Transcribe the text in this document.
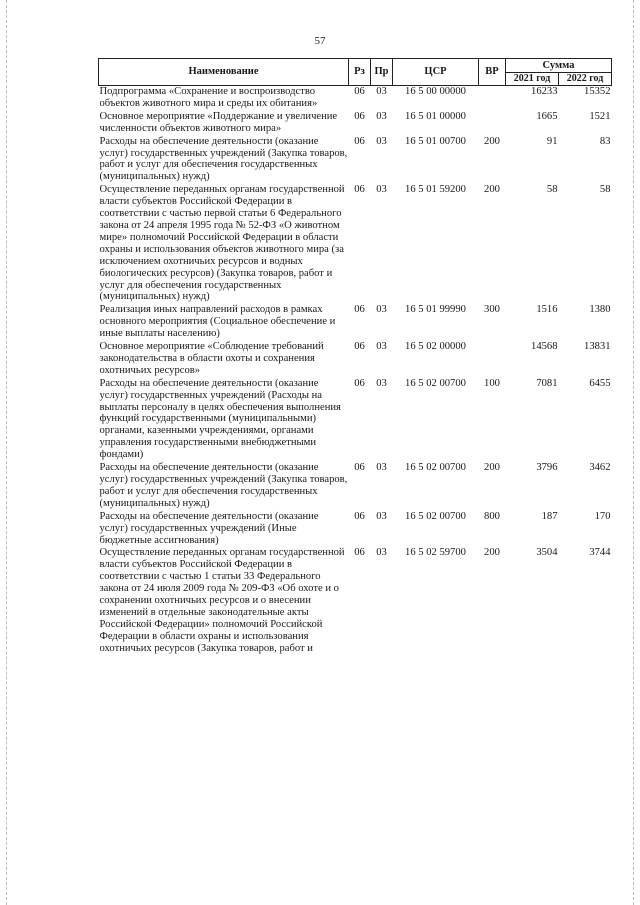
57
Наименование	Рз	Пр	ЦСР	ВР	Сумма	
					2021 год	2022 год
Подпрограмма «Сохранение и воспроизводство объектов животного мира и среды их обитания»	06	03	16 5 00 00000		16233	15352
Основное мероприятие «Поддержание и увеличение численности объектов животного мира»	06	03	16 5 01 00000		1665	1521
Расходы на обеспечение деятельности (оказание услуг) государственных учреждений (Закупка товаров, работ и услуг для обеспечения государственных (муниципальных) нужд)	06	03	16 5 01 00700	200	91	83
Осуществление переданных органам государственной власти субъектов Российской Федерации в соответствии с частью первой статьи 6 Федерального закона от 24 апреля 1995 года № 52-ФЗ «О животном мире» полномочий Российской Федерации в области охраны и использования объектов животного мира (за исключением охотничьих ресурсов и водных биологических ресурсов) (Закупка товаров, работ и услуг для обеспечения государственных (муниципальных) нужд)	06	03	16 5 01 59200	200	58	58
Реализация иных направлений расходов в рамках основного мероприятия (Социальное обеспечение и иные выплаты населению)	06	03	16 5 01 99990	300	1516	1380
Основное мероприятие «Соблюдение требований законодательства в области охоты и сохранения охотничьих ресурсов»	06	03	16 5 02 00000		14568	13831
Расходы на обеспечение деятельности (оказание услуг) государственных учреждений (Расходы на выплаты персоналу в целях обеспечения выполнения функций государственными (муниципальными) органами, казенными учреждениями, органами управления государственными внебюджетными фондами)	06	03	16 5 02 00700	100	7081	6455
Расходы на обеспечение деятельности (оказание услуг) государственных учреждений (Закупка товаров, работ и услуг для обеспечения государственных (муниципальных) нужд)	06	03	16 5 02 00700	200	3796	3462
Расходы на обеспечение деятельности (оказание услуг) государственных учреждений (Иные бюджетные ассигнования)	06	03	16 5 02 00700	800	187	170
Осуществление переданных органам государственной власти субъектов Российской Федерации в соответствии с частью 1 статьи 33 Федерального закона от 24 июля 2009 года № 209-ФЗ «Об охоте и о сохранении охотничьих ресурсов и о внесении изменений в отдельные законодательные акты Российской Федерации» полномочий Российской Федерации в области охраны и использования охотничьих ресурсов (Закупка товаров, работ и	06	03	16 5 02 59700	200	3504	3744
